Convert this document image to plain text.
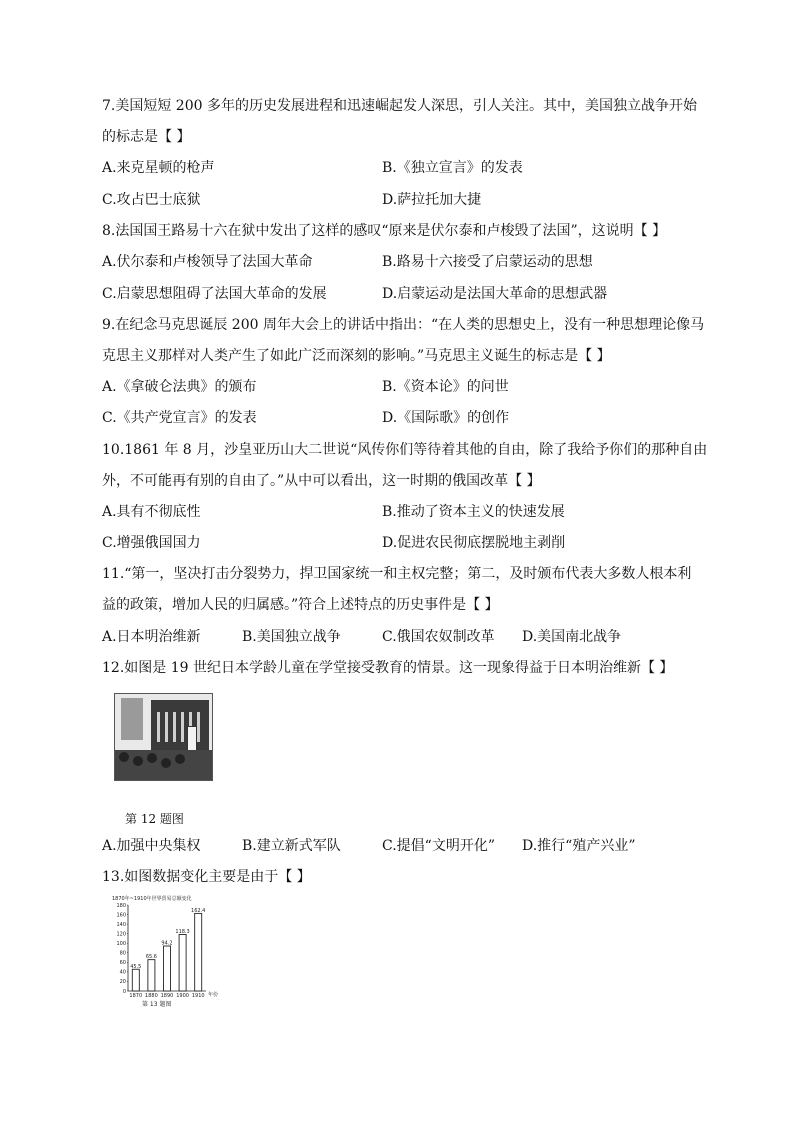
7.美国短短 200 多年的历史发展进程和迅速崛起发人深思，引人关注。其中，美国独立战争开始
的标志是【 】
A.来克星顿的枪声	B.《独立宣言》的发表
C.攻占巴士底狱	D.萨拉托加大捷
8.法国国王路易十六在狱中发出了这样的感叹“原来是伏尔泰和卢梭毁了法国”，这说明【 】
A.伏尔泰和卢梭领导了法国大革命	B.路易十六接受了启蒙运动的思想
C.启蒙思想阻碍了法国大革命的发展	D.启蒙运动是法国大革命的思想武器
9.在纪念马克思诞辰 200 周年大会上的讲话中指出：“在人类的思想史上，没有一种思想理论像马
克思主义那样对人类产生了如此广泛而深刻的影响。”马克思主义诞生的标志是【 】
A.《拿破仑法典》的颁布	B.《资本论》的问世
C.《共产党宣言》的发表	D.《国际歌》的创作
10.1861 年 8 月，沙皇亚历山大二世说“风传你们等待着其他的自由，除了我给予你们的那种自由
外，不可能再有别的自由了。”从中可以看出，这一时期的俄国改革【 】
A.具有不彻底性	B.推动了资本主义的快速发展
C.增强俄国国力	D.促进农民彻底摆脱地主剥削
11.“第一，坚决打击分裂势力，捍卫国家统一和主权完整；第二，及时颁布代表大多数人根本利
益的政策，增加人民的归属感。”符合上述特点的历史事件是【 】
A.日本明治维新	B.美国独立战争	C.俄国农奴制改革 D.美国南北战争
12.如图是 19 世纪日本学龄儿童在学堂接受教育的情景。这一现象得益于日本明治维新【 】
第 12 题图
A.加强中央集权	B.建立新式军队	C.提倡“文明开化” D.推行“殖产兴业”
13.如图数据变化主要是由于【 】
1870年~1910年世界贸易总额变化
0
20
40
60
80
100
120
140
160
180
45.5
65.6
94.2
118.3
162.4
1870 1880 1890 1900 1910 年份
第 13 题图
